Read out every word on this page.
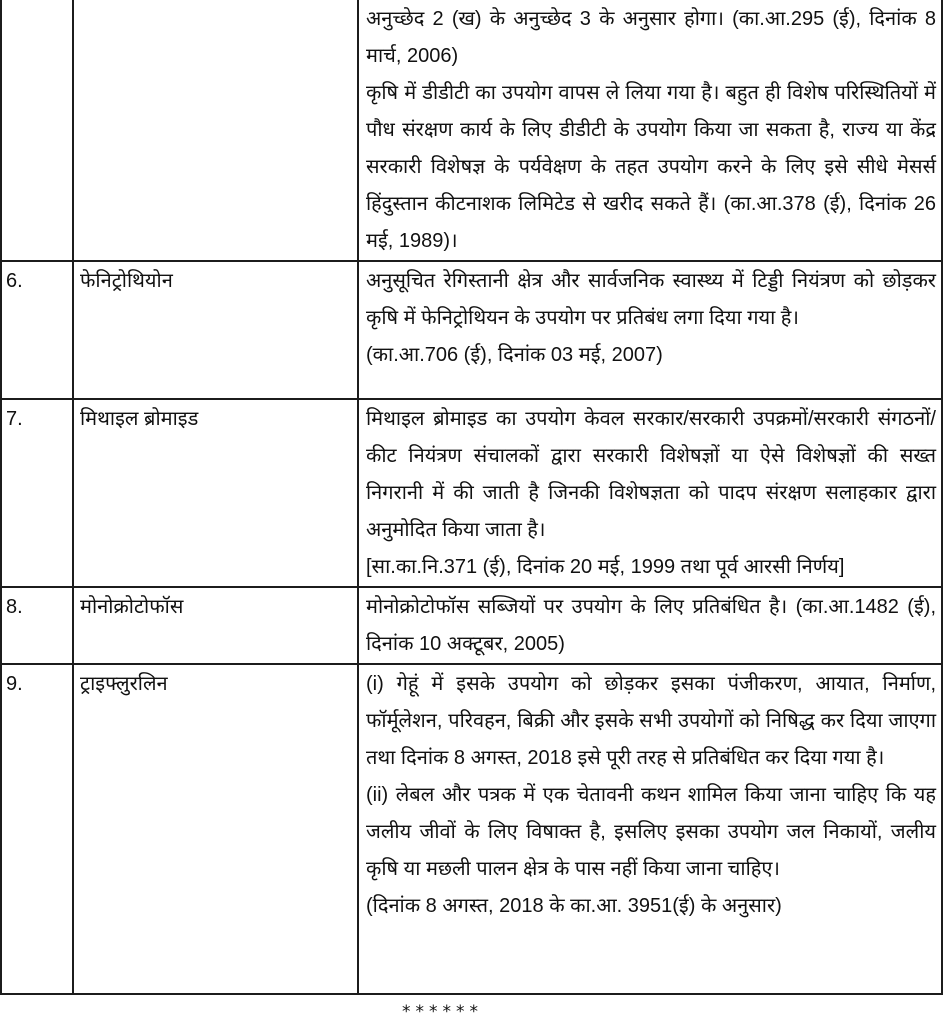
		अनुच्छेद 2 (ख) के अनुच्छेद 3 के अनुसार होगा। (का.आ.295 (ई), दिनांक 8 मार्च, 2006)

कृषि में डीडीटी का उपयोग वापस ले लिया गया है। बहुत ही विशेष परिस्थितियों में पौध संरक्षण कार्य के लिए डीडीटी के उपयोग किया जा सकता है, राज्य या केंद्र सरकारी विशेषज्ञ के पर्यवेक्षण के तहत उपयोग करने के लिए इसे सीधे मेसर्स हिंदुस्तान कीटनाशक लिमिटेड से खरीद सकते हैं। (का.आ.378 (ई), दिनांक 26 मई, 1989)।

6.	फेनिट्रोथियोन	अनुसूचित रेगिस्तानी क्षेत्र और सार्वजनिक स्वास्थ्य में टिड्डी नियंत्रण को छोड़कर कृषि में फेनिट्रोथियन के उपयोग पर प्रतिबंध लगा दिया गया है।

(का.आ.706 (ई), दिनांक 03 मई, 2007)

7.	मिथाइल ब्रोमाइड	मिथाइल ब्रोमाइड का उपयोग केवल सरकार/सरकारी उपक्रमों/सरकारी संगठनों/कीट नियंत्रण संचालकों द्वारा सरकारी विशेषज्ञों या ऐसे विशेषज्ञों की सख्त निगरानी में की जाती है जिनकी विशेषज्ञता को पादप संरक्षण सलाहकार द्वारा अनुमोदित किया जाता है।

[सा.का.नि.371 (ई), दिनांक 20 मई, 1999 तथा पूर्व आरसी निर्णय]

8.	मोनोक्रोटोफॉस	मोनोक्रोटोफॉस सब्जियों पर उपयोग के लिए प्रतिबंधित है। (का.आ.1482 (ई), दिनांक 10 अक्टूबर, 2005)

9.	ट्राइफ्लुरलिन	(i) गेहूं में इसके उपयोग को छोड़कर इसका पंजीकरण, आयात, निर्माण, फॉर्मूलेशन, परिवहन, बिक्री और इसके सभी उपयोगों को निषिद्ध कर दिया जाएगा तथा दिनांक 8 अगस्त, 2018 इसे पूरी तरह से प्रतिबंधित कर दिया गया है।

(ii) लेबल और पत्रक में एक चेतावनी कथन शामिल किया जाना चाहिए कि यह जलीय जीवों के लिए विषाक्त है, इसलिए इसका उपयोग जल निकायों, जलीय कृषि या मछली पालन क्षेत्र के पास नहीं किया जाना चाहिए।

(दिनांक 8 अगस्त, 2018 के का.आ. 3951(ई) के अनुसार)

******
